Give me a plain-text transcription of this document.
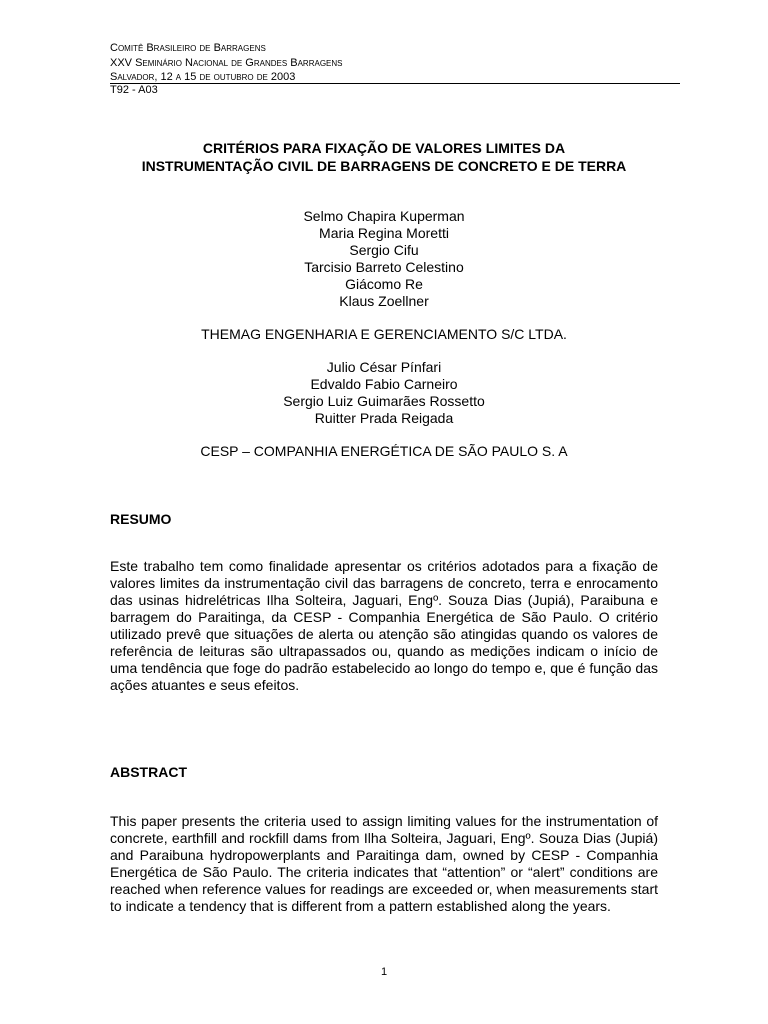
Comitê Brasileiro de Barragens
XXV Seminário Nacional de Grandes Barragens
Salvador, 12 a 15 de outubro de 2003
T92 - A03
CRITÉRIOS PARA FIXAÇÃO DE VALORES LIMITES DA
INSTRUMENTAÇÃO CIVIL DE BARRAGENS DE CONCRETO E DE TERRA
Selmo Chapira Kuperman
Maria Regina Moretti
Sergio Cifu
Tarcisio Barreto Celestino
Giácomo Re
Klaus Zoellner
THEMAG ENGENHARIA E GERENCIAMENTO S/C LTDA.
Julio César Pínfari
Edvaldo Fabio Carneiro
Sergio Luiz Guimarães Rossetto
Ruitter Prada Reigada
CESP – COMPANHIA ENERGÉTICA DE SÃO PAULO S. A
RESUMO
Este trabalho tem como finalidade apresentar os critérios adotados para a fixação de valores limites da instrumentação civil das barragens de concreto, terra e enrocamento das usinas hidrelétricas Ilha Solteira, Jaguari, Engº. Souza Dias (Jupiá), Paraibuna e barragem do Paraitinga, da CESP - Companhia Energética de São Paulo. O critério utilizado prevê que situações de alerta ou atenção são atingidas quando os valores de referência de leituras são ultrapassados ou, quando as medições indicam o início de uma tendência que foge do padrão estabelecido ao longo do tempo e, que é função das ações atuantes e seus efeitos.
ABSTRACT
This paper presents the criteria used to assign limiting values for the instrumentation of concrete, earthfill and rockfill dams from Ilha Solteira, Jaguari, Engº. Souza Dias (Jupiá) and Paraibuna hydropowerplants and Paraitinga dam, owned by CESP - Companhia Energética de São Paulo. The criteria indicates that “attention” or “alert” conditions are reached when reference values for readings are exceeded or, when measurements start to indicate a tendency that is different from a pattern established along the years.
1
